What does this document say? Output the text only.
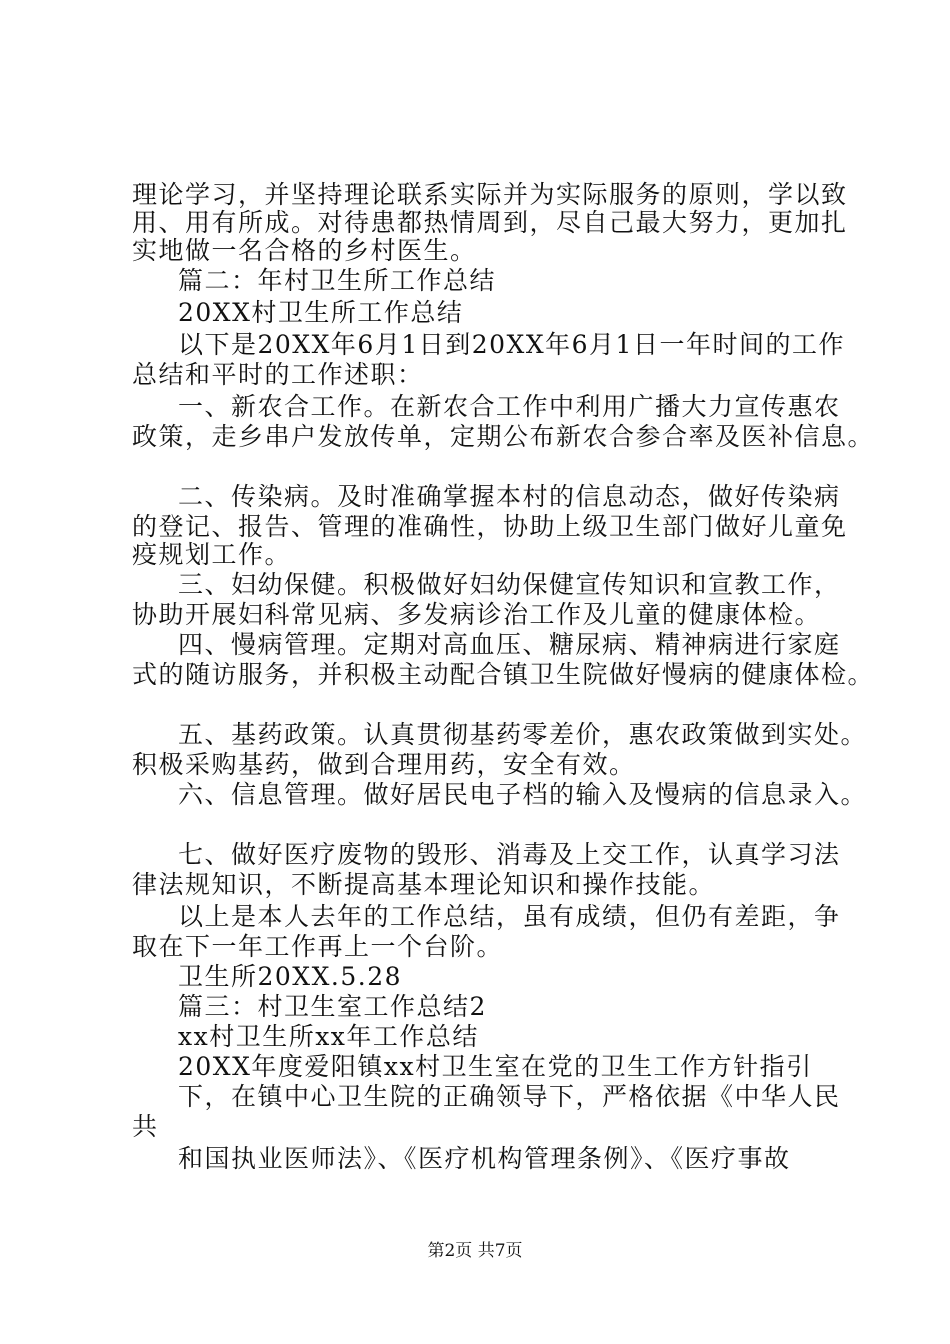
理论学习，并坚持理论联系实际并为实际服务的原则，学以致
用、用有所成。对待患都热情周到，尽自己最大努力，更加扎
实地做一名合格的乡村医生。
篇二：年村卫生所工作总结
20XX村卫生所工作总结
以下是20XX年6月1日到20XX年6月1日一年时间的工作
总结和平时的工作述职：
一、新农合工作。在新农合工作中利用广播大力宣传惠农
政策，走乡串户发放传单，定期公布新农合参合率及医补信息。
二、传染病。及时准确掌握本村的信息动态，做好传染病
的登记、报告、管理的准确性，协助上级卫生部门做好儿童免
疫规划工作。
三、妇幼保健。积极做好妇幼保健宣传知识和宣教工作，
协助开展妇科常见病、多发病诊治工作及儿童的健康体检。
四、慢病管理。定期对高血压、糖尿病、精神病进行家庭
式的随访服务，并积极主动配合镇卫生院做好慢病的健康体检。
五、基药政策。认真贯彻基药零差价，惠农政策做到实处。
积极采购基药，做到合理用药，安全有效。
六、信息管理。做好居民电子档的输入及慢病的信息录入。
七、做好医疗废物的毁形、消毒及上交工作，认真学习法
律法规知识，不断提高基本理论知识和操作技能。
以上是本人去年的工作总结，虽有成绩，但仍有差距，争
取在下一年工作再上一个台阶。
卫生所20XX.5.28
篇三：村卫生室工作总结2
xx村卫生所xx年工作总结
20XX年度爱阳镇xx村卫生室在党的卫生工作方针指引
下，在镇中心卫生院的正确领导下，严格依据《中华人民
共
和国执业医师法》、《医疗机构管理条例》、《医疗事故
第2页 共7页
